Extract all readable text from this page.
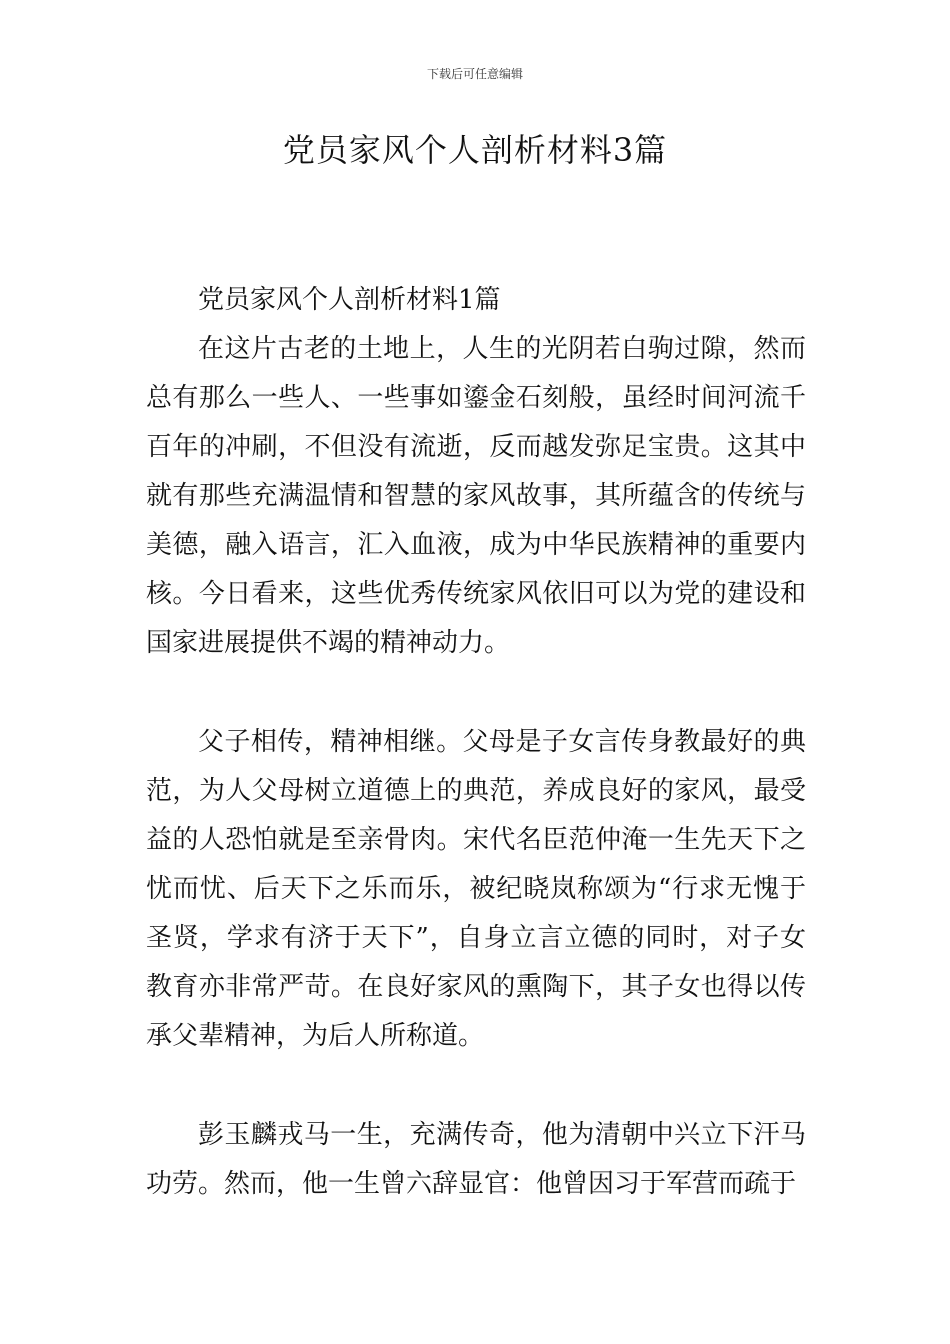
下载后可任意编辑
党员家风个人剖析材料3篇
党员家风个人剖析材料1篇

在这片古老的土地上，人生的光阴若白驹过隙，然而总有那么一些人、一些事如鎏金石刻般，虽经时间河流千百年的冲刷，不但没有流逝，反而越发弥足宝贵。这其中就有那些充满温情和智慧的家风故事，其所蕴含的传统与美德，融入语言，汇入血液，成为中华民族精神的重要内核。今日看来，这些优秀传统家风依旧可以为党的建设和国家进展提供不竭的精神动力。

父子相传，精神相继。父母是子女言传身教最好的典范，为人父母树立道德上的典范，养成良好的家风，最受益的人恐怕就是至亲骨肉。宋代名臣范仲淹一生先天下之忧而忧、后天下之乐而乐，被纪晓岚称颂为“行求无愧于圣贤，学求有济于天下”，自身立言立德的同时，对子女教育亦非常严苛。在良好家风的熏陶下，其子女也得以传承父辈精神，为后人所称道。

彭玉麟戎马一生，充满传奇，他为清朝中兴立下汗马功劳。然而，他一生曾六辞显官：他曾因习于军营而疏于
